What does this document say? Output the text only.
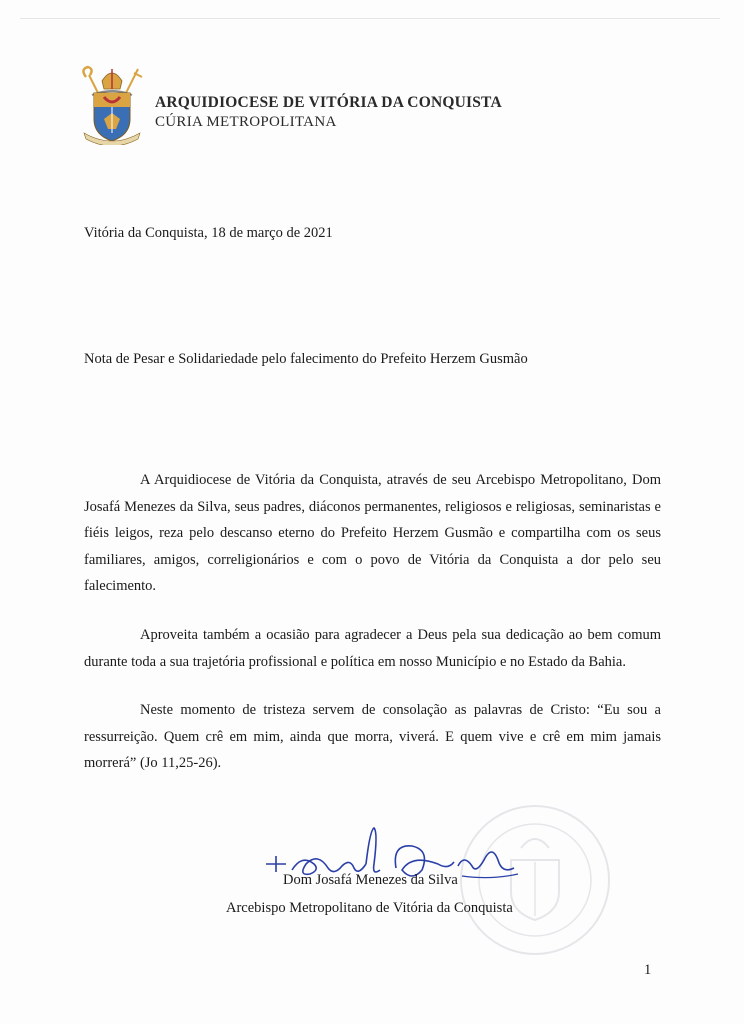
ARQUIDIOCESE DE VITÓRIA DA CONQUISTA
CÚRIA METROPOLITANA
Vitória da Conquista, 18 de março de 2021
Nota de Pesar e Solidariedade pelo falecimento do Prefeito Herzem Gusmão

A Arquidiocese de Vitória da Conquista, através de seu Arcebispo Metropolitano, Dom Josafá Menezes da Silva, seus padres, diáconos permanentes, religiosos e religiosas, seminaristas e fiéis leigos, reza pelo descanso eterno do Prefeito Herzem Gusmão e compartilha com os seus familiares, amigos, correligionários e com o povo de Vitória da Conquista a dor pelo seu falecimento.

Aproveita também a ocasião para agradecer a Deus pela sua dedicação ao bem comum durante toda a sua trajetória profissional e política em nosso Município e no Estado da Bahia.

Neste momento de tristeza servem de consolação as palavras de Cristo: “Eu sou a ressurreição. Quem crê em mim, ainda que morra, viverá. E quem vive e crê em mim jamais morrerá” (Jo 11,25-26).

Dom Josafá Menezes da Silva
Arcebispo Metropolitano de Vitória da Conquista
1
